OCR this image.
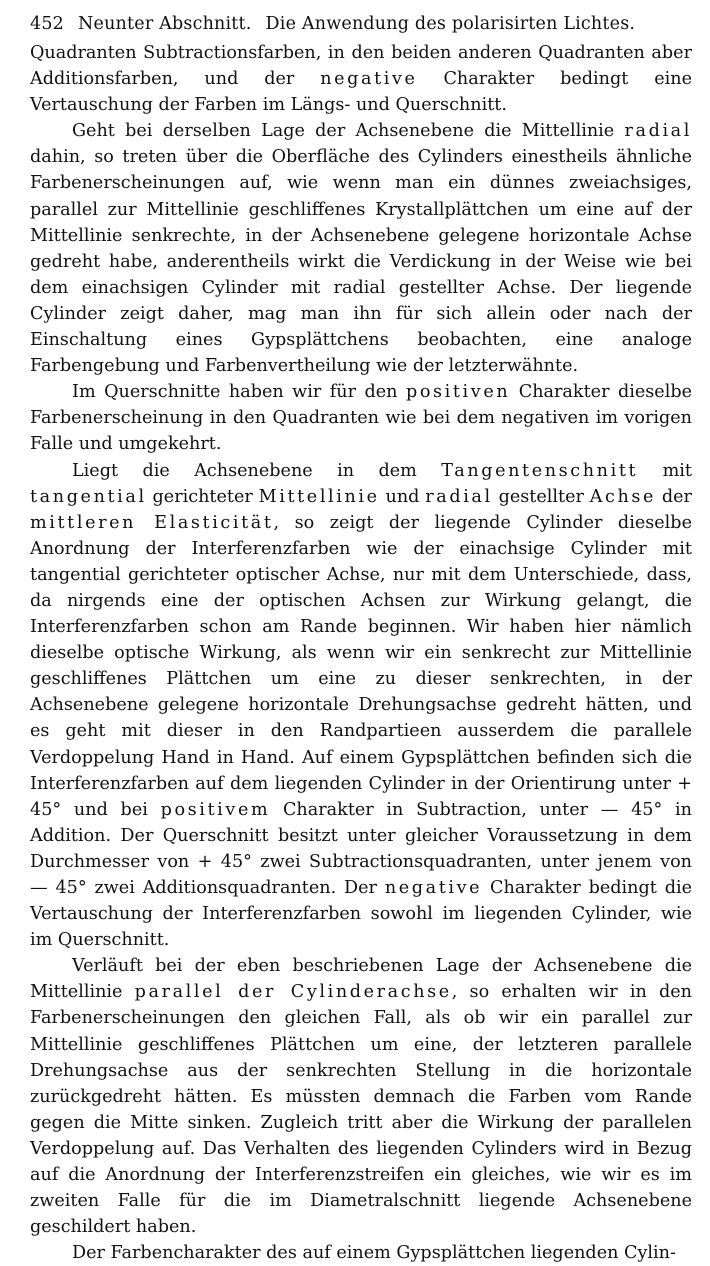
452 Neunter Abschnitt. Die Anwendung des polarisirten Lichtes.

Quadranten Subtractionsfarben, in den beiden anderen Quadranten aber Additionsfarben, und der negative Charakter bedingt eine Vertauschung der Farben im Längs- und Querschnitt.

Geht bei derselben Lage der Achsenebene die Mittellinie radial dahin, so treten über die Oberfläche des Cylinders einestheils ähnliche Farbenerscheinungen auf, wie wenn man ein dünnes zweiachsiges, parallel zur Mittellinie geschliffenes Krystallplättchen um eine auf der Mittellinie senkrechte, in der Achsenebene gelegene horizontale Achse gedreht habe, anderentheils wirkt die Verdickung in der Weise wie bei dem einachsigen Cylinder mit radial gestellter Achse. Der liegende Cylinder zeigt daher, mag man ihn für sich allein oder nach der Einschaltung eines Gypsplättchens beobachten, eine analoge Farbengebung und Farbenvertheilung wie der letzterwähnte.

Im Querschnitte haben wir für den positiven Charakter dieselbe Farbenerscheinung in den Quadranten wie bei dem negativen im vorigen Falle und umgekehrt.

Liegt die Achsenebene in dem Tangentenschnitt mit tangential gerichteter Mittellinie und radial gestellter Achse der mittleren Elasticität, so zeigt der liegende Cylinder dieselbe Anordnung der Interferenzfarben wie der einachsige Cylinder mit tangential gerichteter optischer Achse, nur mit dem Unterschiede, dass, da nirgends eine der optischen Achsen zur Wirkung gelangt, die Interferenzfarben schon am Rande beginnen. Wir haben hier nämlich dieselbe optische Wirkung, als wenn wir ein senkrecht zur Mittellinie geschliffenes Plättchen um eine zu dieser senkrechten, in der Achsenebene gelegene horizontale Drehungsachse gedreht hätten, und es geht mit dieser in den Randpartieen ausserdem die parallele Verdoppelung Hand in Hand. Auf einem Gypsplättchen befinden sich die Interferenzfarben auf dem liegenden Cylinder in der Orientirung unter + 45° und bei positivem Charakter in Subtraction, unter — 45° in Addition. Der Querschnitt besitzt unter gleicher Voraussetzung in dem Durchmesser von + 45° zwei Subtractionsquadranten, unter jenem von — 45° zwei Additionsquadranten. Der negative Charakter bedingt die Vertauschung der Interferenzfarben sowohl im liegenden Cylinder, wie im Querschnitt.

Verläuft bei der eben beschriebenen Lage der Achsenebene die Mittellinie parallel der Cylinderachse, so erhalten wir in den Farbenerscheinungen den gleichen Fall, als ob wir ein parallel zur Mittellinie geschliffenes Plättchen um eine, der letzteren parallele Drehungsachse aus der senkrechten Stellung in die horizontale zurückgedreht hätten. Es müssten demnach die Farben vom Rande gegen die Mitte sinken. Zugleich tritt aber die Wirkung der parallelen Verdoppelung auf. Das Verhalten des liegenden Cylinders wird in Bezug auf die Anordnung der Interferenzstreifen ein gleiches, wie wir es im zweiten Falle für die im Diametralschnitt liegende Achsenebene geschildert haben.

Der Farbencharakter des auf einem Gypsplättchen liegenden Cylin-
